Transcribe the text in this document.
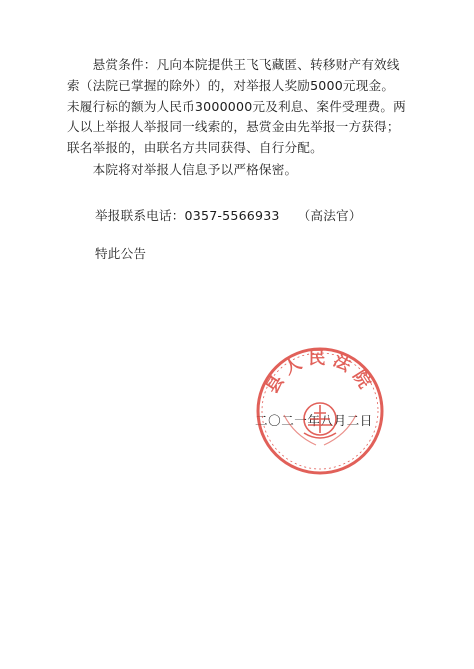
　　悬赏条件：凡向本院提供王飞飞藏匿、转移财产有效线
索（法院已掌握的除外）的，对举报人奖励5000元现金。
未履行标的额为人民币3000000元及利息、案件受理费。两
人以上举报人举报同一线索的，悬赏金由先举报一方获得；
联名举报的，由联名方共同获得、自行分配。
　　本院将对举报人信息予以严格保密。
举报联系电话：0357-5566933 （高法官）
特此公告
二〇二一年八月二日
县人民法院
